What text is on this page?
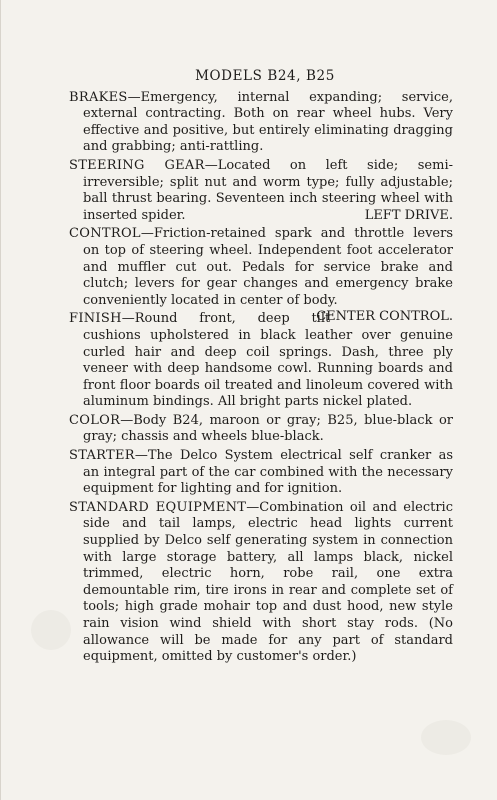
MODELS B24, B25

BRAKES—Emergency, internal expanding; service, external contracting. Both on rear wheel hubs. Very effective and positive, but entirely eliminating dragging and grabbing; anti-rattling.

STEERING GEAR—Located on left side; semi-irreversible; split nut and worm type; fully adjustable; ball thrust bearing. Seventeen inch steering wheel with inserted spider.	LEFT DRIVE.

CONTROL—Friction-retained spark and throttle levers on top of steering wheel. Independent foot accelerator and muffler cut out. Pedals for service brake and clutch; levers for gear changes and emergency brake conveniently located in center of body.
CENTER CONTROL.

FINISH—Round front, deep tilt cushions upholstered in black leather over genuine curled hair and deep coil springs. Dash, three ply veneer with deep handsome cowl. Running boards and front floor boards oil treated and linoleum covered with aluminum bindings. All bright parts nickel plated.

COLOR—Body B24, maroon or gray; B25, blue-black or gray; chassis and wheels blue-black.

STARTER—The Delco System electrical self cranker as an integral part of the car combined with the necessary equipment for lighting and for ignition.

STANDARD EQUIPMENT—Combination oil and electric side and tail lamps, electric head lights current supplied by Delco self generating system in connection with large storage battery, all lamps black, nickel trimmed, electric horn, robe rail, one extra demountable rim, tire irons in rear and complete set of tools; high grade mohair top and dust hood, new style rain vision wind shield with short stay rods. (No allowance will be made for any part of standard equipment, omitted by customer's order.)
